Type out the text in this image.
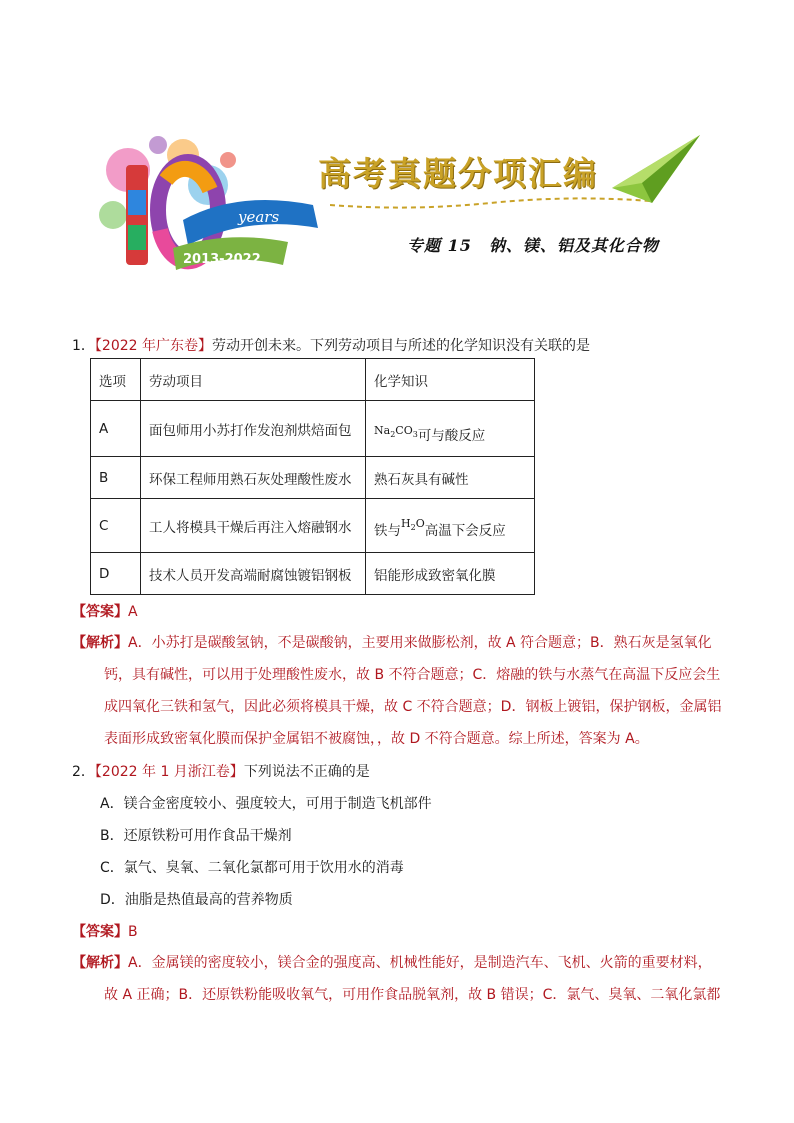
years
2013-2022
高考真题分项汇编
专题 15　钠、镁、铝及其化合物
1．【2022 年广东卷】劳动开创未来。下列劳动项目与所述的化学知识没有关联的是
选项	劳动项目	化学知识
A	面包师用小苏打作发泡剂烘焙面包	$Na_2CO_3$可与酸反应
B	环保工程师用熟石灰处理酸性废水	熟石灰具有碱性
C	工人将模具干燥后再注入熔融钢水	铁与$^{H_2O}$高温下会反应
D	技术人员开发高端耐腐蚀镀铝钢板	铝能形成致密氧化膜
【答案】A
【解析】A．小苏打是碳酸氢钠，不是碳酸钠，主要用来做膨松剂，故 A 符合题意；B．熟石灰是氢氧化
钙，具有碱性，可以用于处理酸性废水，故 B 不符合题意；C．熔融的铁与水蒸气在高温下反应会生
成四氧化三铁和氢气，因此必须将模具干燥，故 C 不符合题意；D．钢板上镀铝，保护钢板，金属铝
表面形成致密氧化膜而保护金属铝不被腐蚀，，故 D 不符合题意。综上所述，答案为 A。
2．【2022 年 1 月浙江卷】下列说法不正确的是
A．镁合金密度较小、强度较大，可用于制造飞机部件
B．还原铁粉可用作食品干燥剂
C．氯气、臭氧、二氧化氯都可用于饮用水的消毒
D．油脂是热值最高的营养物质
【答案】B
【解析】A．金属镁的密度较小，镁合金的强度高、机械性能好，是制造汽车、飞机、火箭的重要材料，
故 A 正确；B．还原铁粉能吸收氧气，可用作食品脱氧剂，故 B 错误；C．氯气、臭氧、二氧化氯都
